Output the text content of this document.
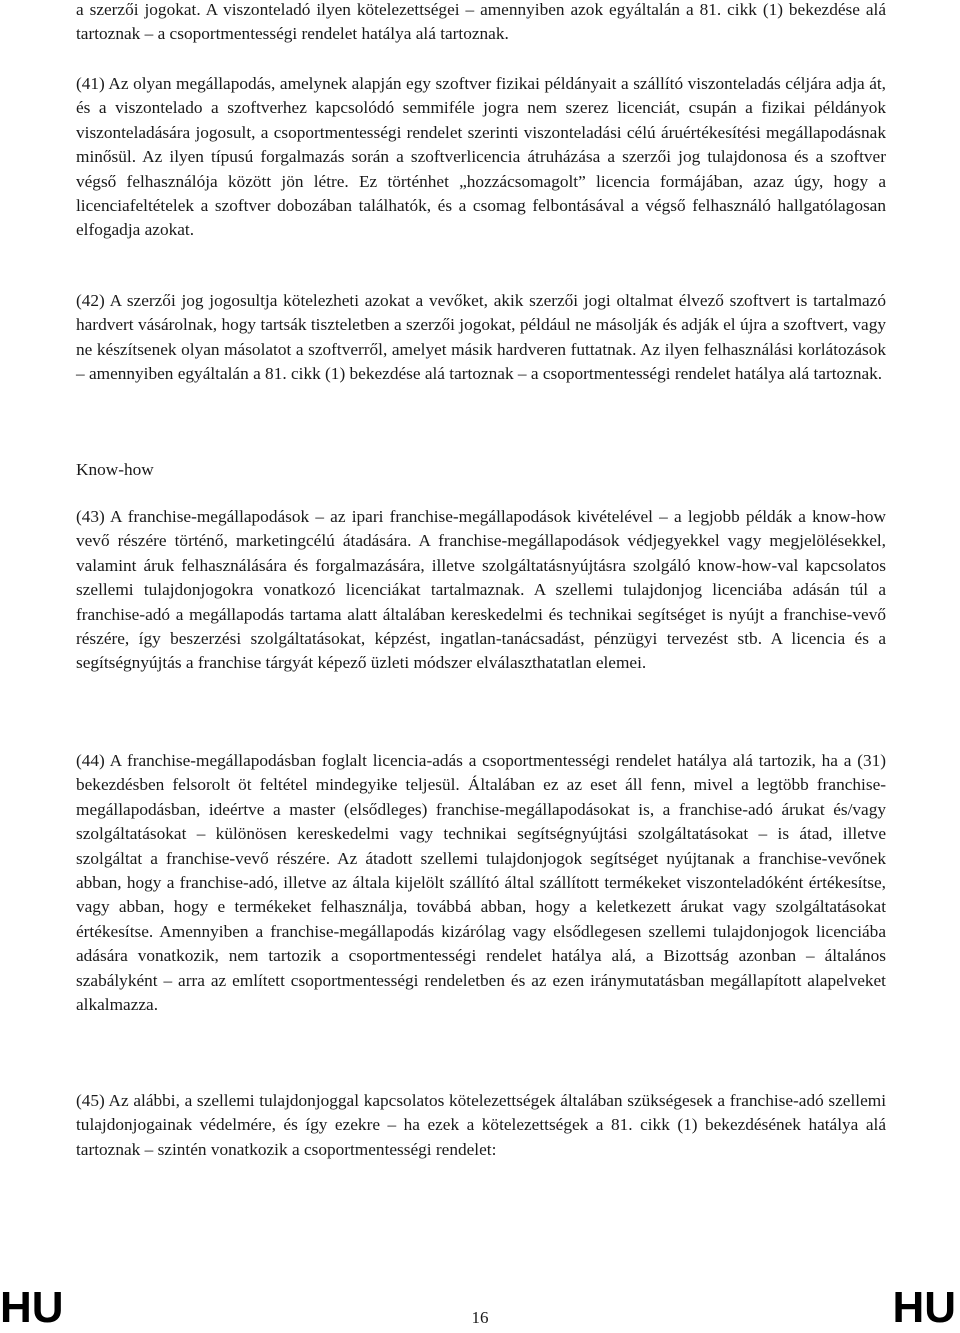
a szerzői jogokat. A viszonteladó ilyen kötelezettségei – amennyiben azok egyáltalán a 81. cikk (1) bekezdése alá tartoznak – a csoportmentességi rendelet hatálya alá tartoznak.

(41) Az olyan megállapodás, amelynek alapján egy szoftver fizikai példányait a szállító viszonteladás céljára adja át, és a viszontelado a szoftverhez kapcsolódó semmiféle jogra nem szerez licenciát, csupán a fizikai példányok viszonteladására jogosult, a csoportmentességi rendelet szerinti viszonteladási célú áruértékesítési megállapodásnak minősül. Az ilyen típusú forgalmazás során a szoftverlicencia átruházása a szerzői jog tulajdonosa és a szoftver végső felhasználója között jön létre. Ez történhet „hozzácsomagolt” licencia formájában, azaz úgy, hogy a licenciafeltételek a szoftver dobozában találhatók, és a csomag felbontásával a végső felhasználó hallgatólagosan elfogadja azokat.

(42) A szerzői jog jogosultja kötelezheti azokat a vevőket, akik szerzői jogi oltalmat élvező szoftvert is tartalmazó hardvert vásárolnak, hogy tartsák tiszteletben a szerzői jogokat, például ne másolják és adják el újra a szoftvert, vagy ne készítsenek olyan másolatot a szoftverről, amelyet másik hardveren futtatnak. Az ilyen felhasználási korlátozások – amennyiben egyáltalán a 81. cikk (1) bekezdése alá tartoznak – a csoportmentességi rendelet hatálya alá tartoznak.

Know-how

(43) A franchise-megállapodások – az ipari franchise-megállapodások kivételével – a legjobb példák a know-how vevő részére történő, marketingcélú átadására. A franchise-megállapodások védjegyekkel vagy megjelölésekkel, valamint áruk felhasználására és forgalmazására, illetve szolgáltatásnyújtásra szolgáló know-how-val kapcsolatos szellemi tulajdonjogokra vonatkozó licenciákat tartalmaznak. A szellemi tulajdonjog licenciába adásán túl a franchise-adó a megállapodás tartama alatt általában kereskedelmi és technikai segítséget is nyújt a franchise-vevő részére, így beszerzési szolgáltatásokat, képzést, ingatlan-tanácsadást, pénzügyi tervezést stb. A licencia és a segítségnyújtás a franchise tárgyát képező üzleti módszer elválaszthatatlan elemei.

(44) A franchise-megállapodásban foglalt licencia-adás a csoportmentességi rendelet hatálya alá tartozik, ha a (31) bekezdésben felsorolt öt feltétel mindegyike teljesül. Általában ez az eset áll fenn, mivel a legtöbb franchise-megállapodásban, ideértve a master (elsődleges) franchise-megállapodásokat is, a franchise-adó árukat és/vagy szolgáltatásokat – különösen kereskedelmi vagy technikai segítségnyújtási szolgáltatásokat – is átad, illetve szolgáltat a franchise-vevő részére. Az átadott szellemi tulajdonjogok segítséget nyújtanak a franchise-vevőnek abban, hogy a franchise-adó, illetve az általa kijelölt szállító által szállított termékeket viszonteladóként értékesítse, vagy abban, hogy e termékeket felhasználja, továbbá abban, hogy a keletkezett árukat vagy szolgáltatásokat értékesítse. Amennyiben a franchise-megállapodás kizárólag vagy elsődlegesen szellemi tulajdonjogok licenciába adására vonatkozik, nem tartozik a csoportmentességi rendelet hatálya alá, a Bizottság azonban – általános szabályként – arra az említett csoportmentességi rendeletben és az ezen iránymutatásban megállapított alapelveket alkalmazza.

(45) Az alábbi, a szellemi tulajdonjoggal kapcsolatos kötelezettségek általában szükségesek a franchise-adó szellemi tulajdonjogainak védelmére, és így ezekre – ha ezek a kötelezettségek a 81. cikk (1) bekezdésének hatálya alá tartoznak – szintén vonatkozik a csoportmentességi rendelet:

HU	16	HU
